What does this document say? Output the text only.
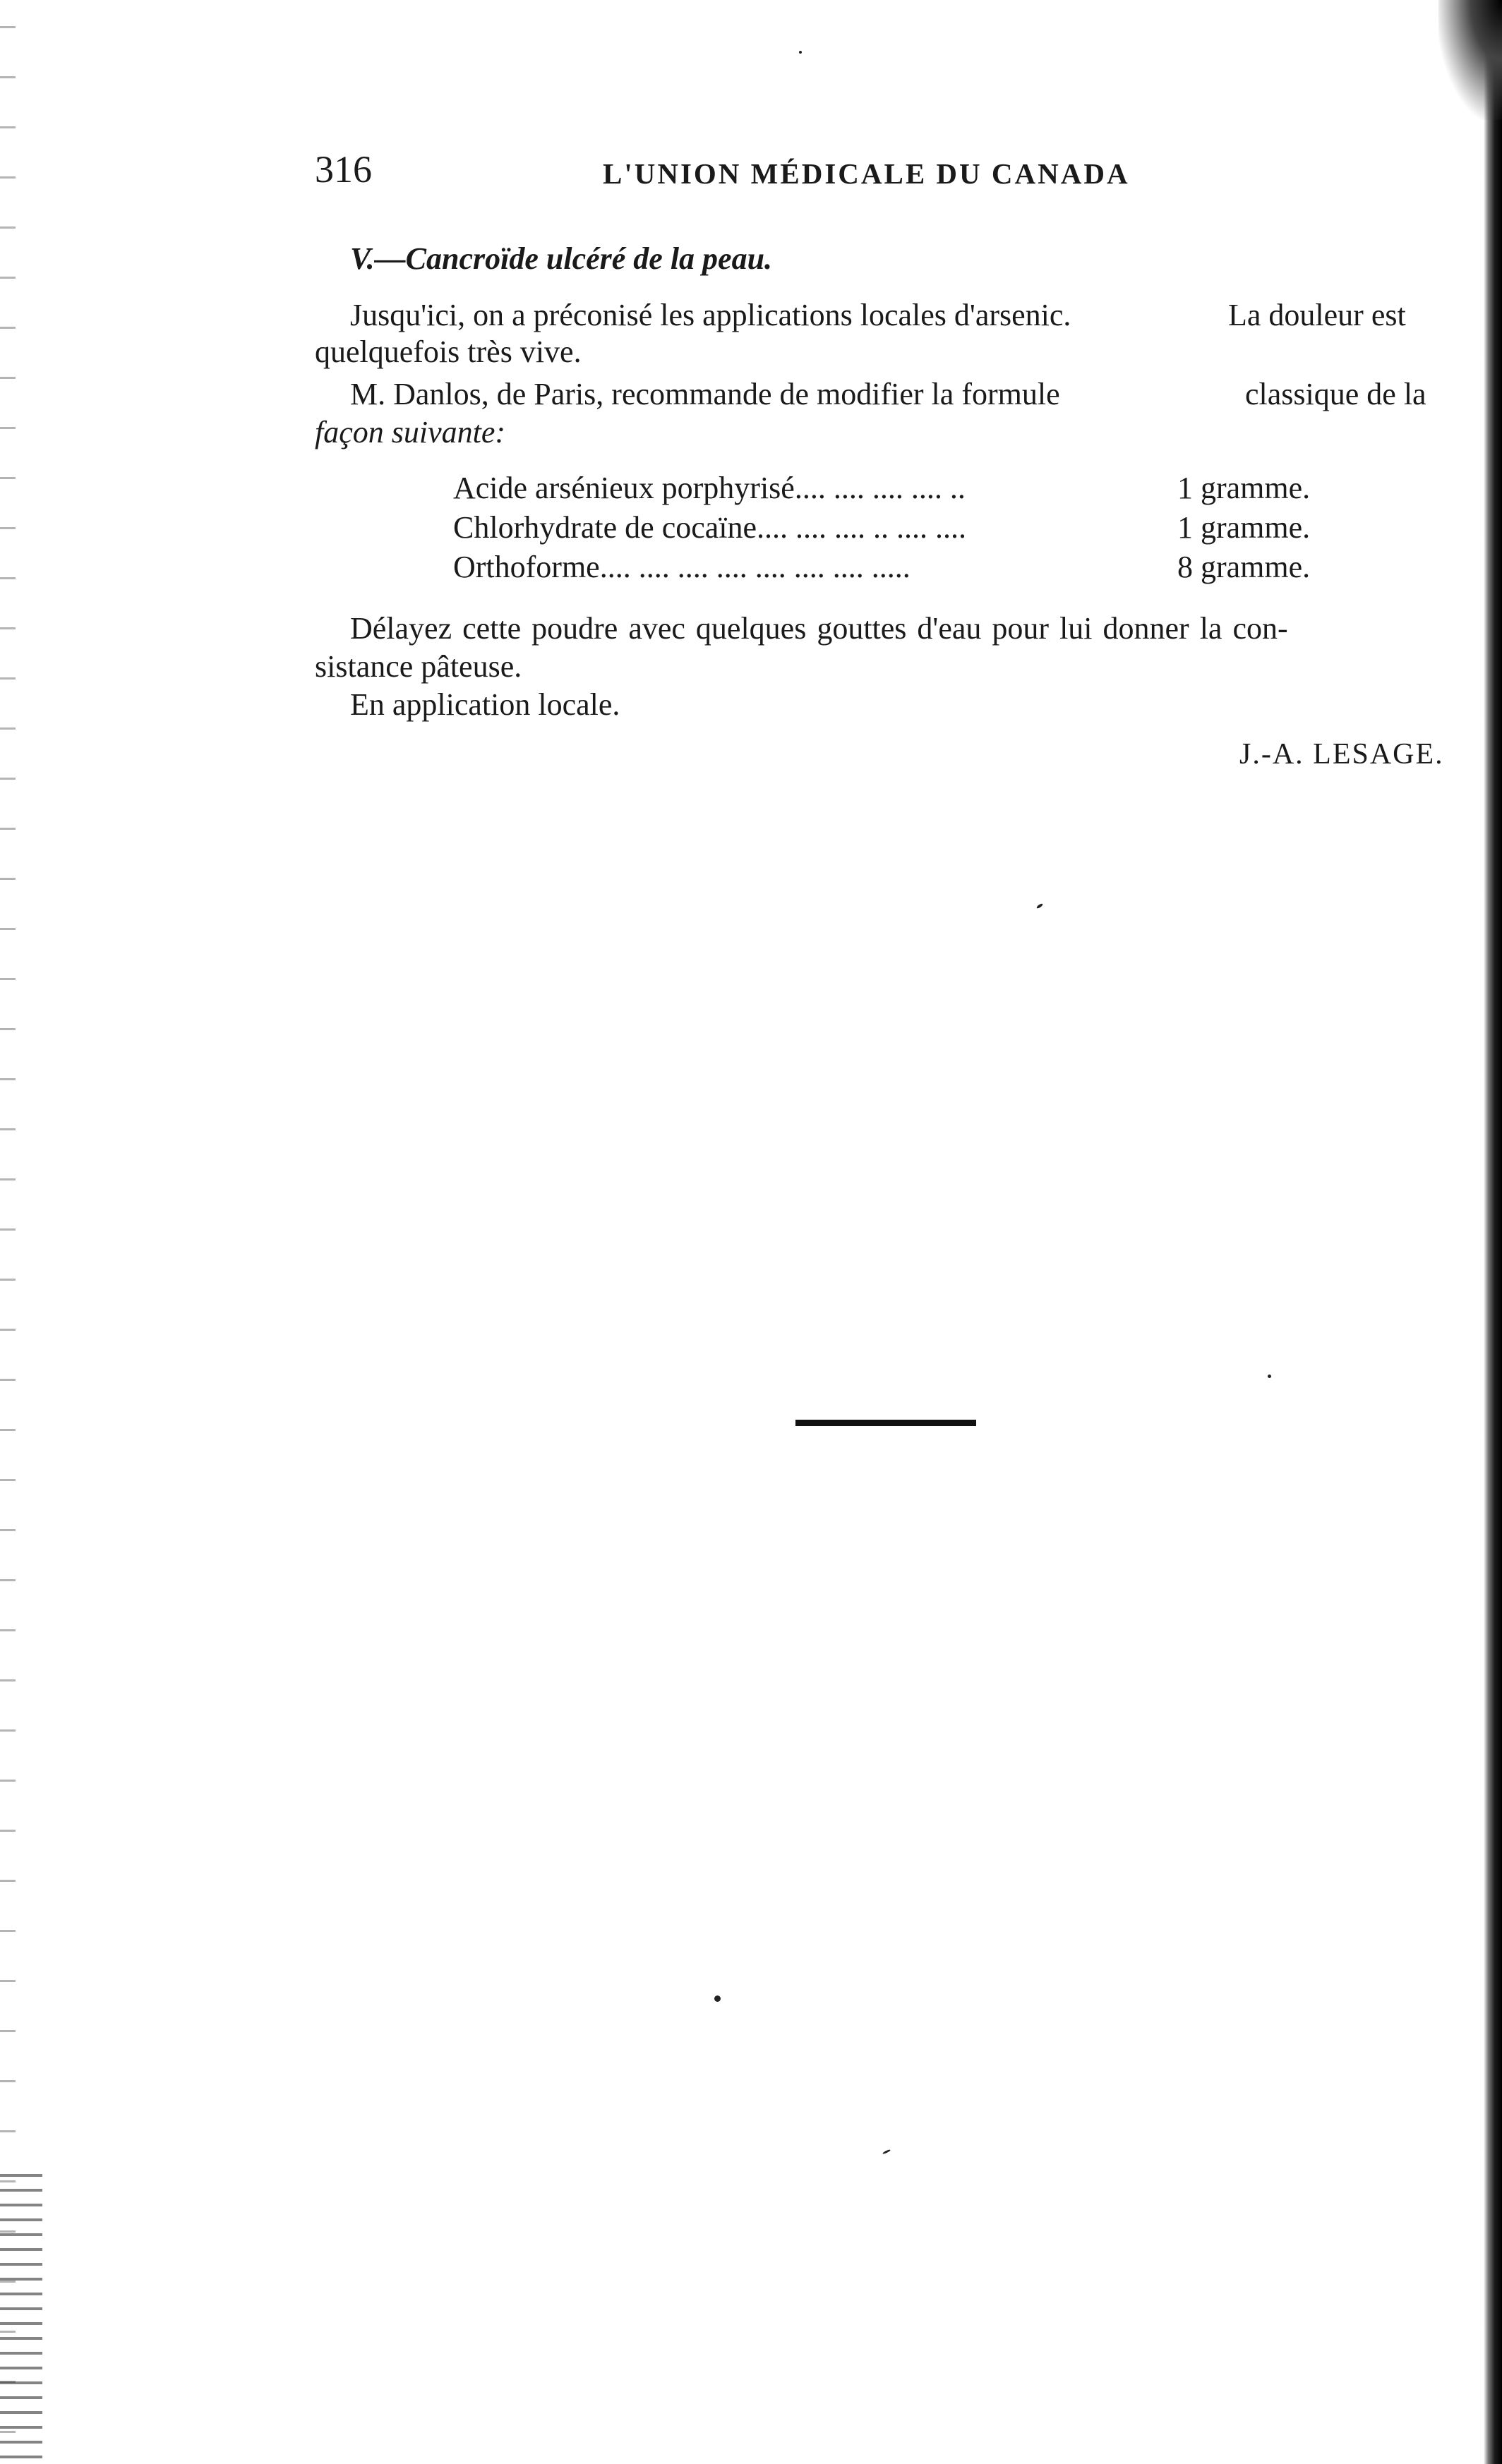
316	L'UNION MÉDICALE DU CANADA
V.—Cancroïde ulcéré de la peau.
Jusqu'ici, on a préconisé les applications locales d'arsenic.	La douleur est
quelquefois très vive.
M. Danlos, de Paris, recommande de modifier la formule	classique de la
façon suivante:
Acide arsénieux porphyrisé.... .... .... .... ..	1 gramme.
Chlorhydrate de cocaïne.... .... .... .. .... ....	1 gramme.
Orthoforme.... .... .... .... .... .... .... .....	8 gramme.
Délayez cette poudre avec quelques gouttes d'eau pour lui donner la con-
sistance pâteuse.
En application locale.
J.-A. LESAGE.
